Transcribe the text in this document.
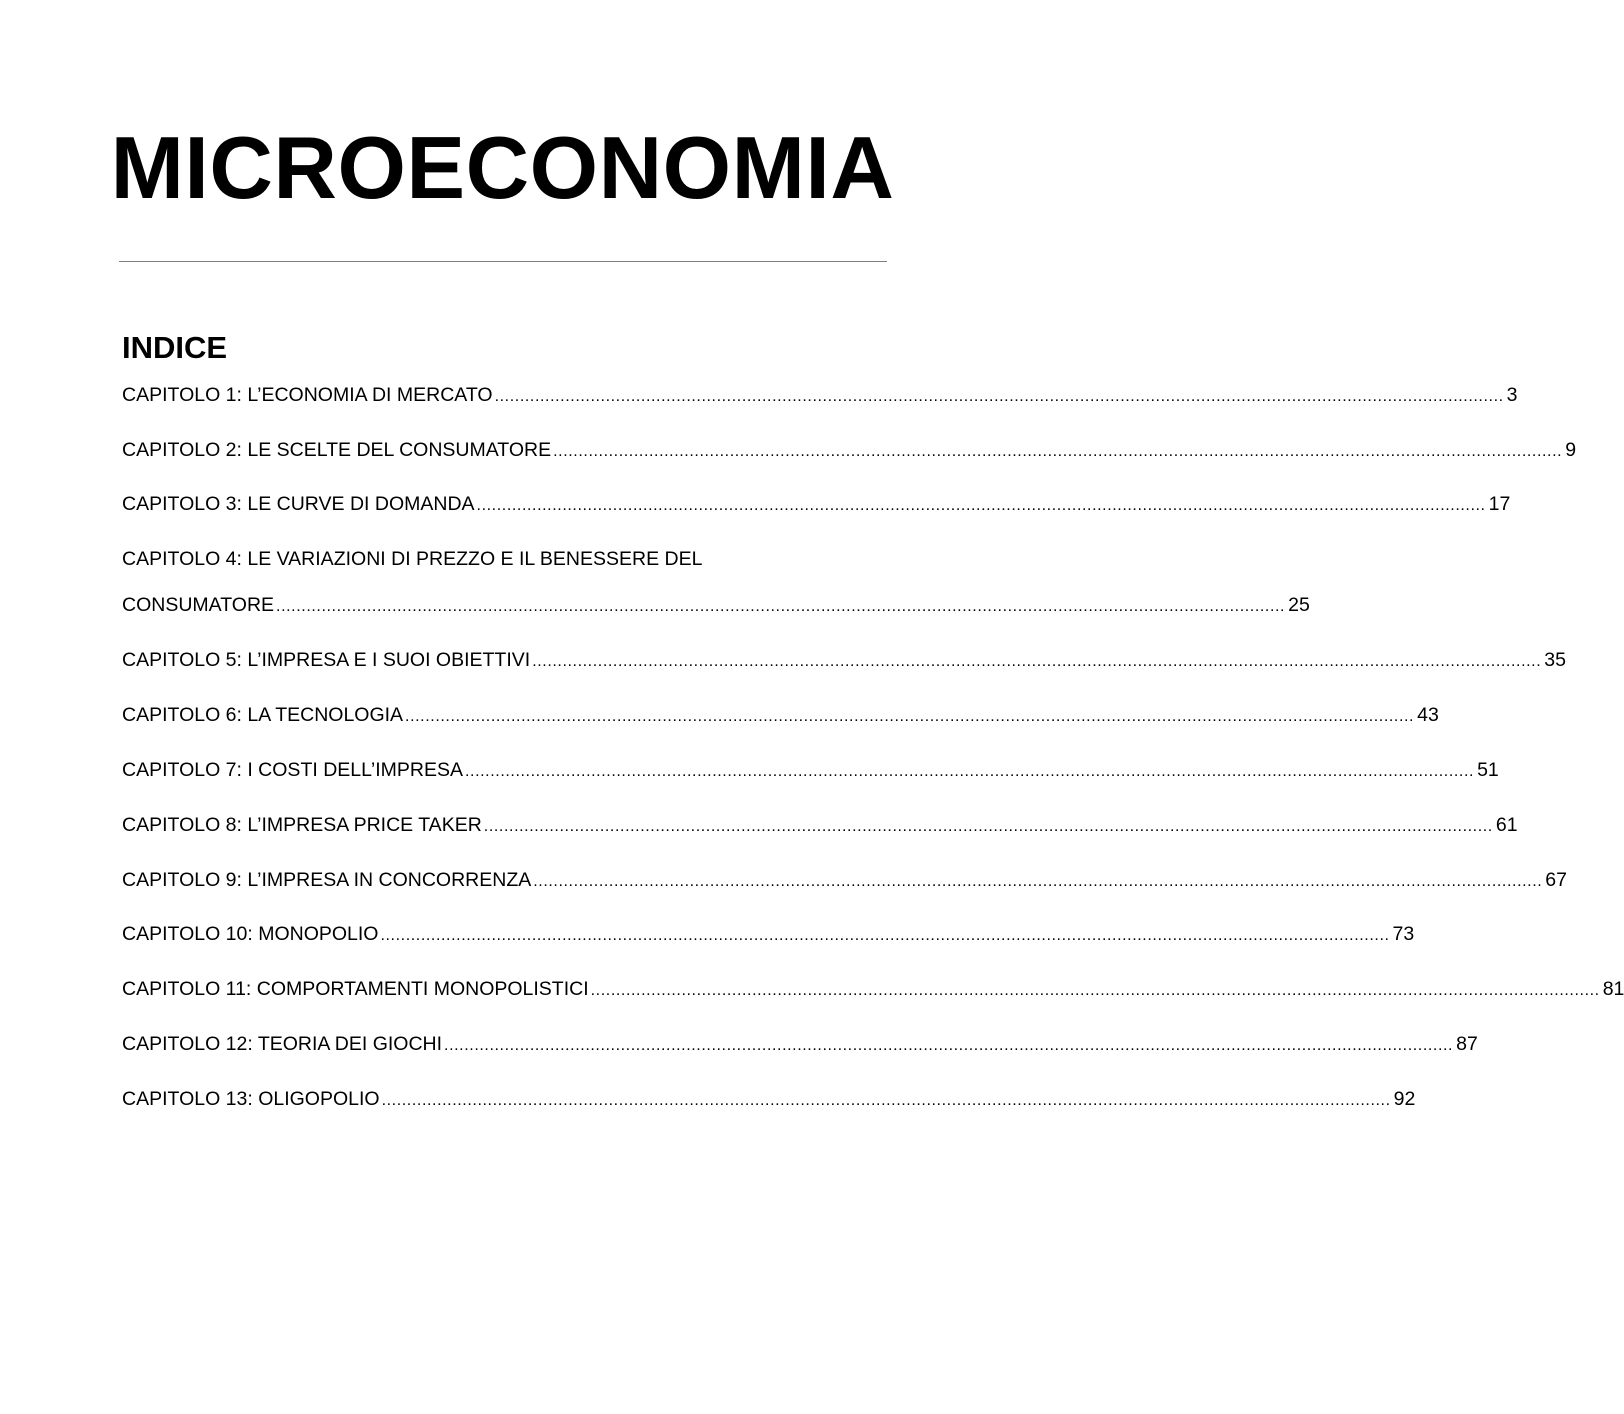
MICROECONOMIA
INDICE
CAPITOLO 1: L’ECONOMIA DI MERCATO ........................................................................................................................................................................................................ 3
CAPITOLO 2: LE SCELTE DEL CONSUMATORE ........................................................................................................................................................................................................ 9
CAPITOLO 3: LE CURVE DI DOMANDA ........................................................................................................................................................................................................ 17
CAPITOLO 4: LE VARIAZIONI DI PREZZO E IL BENESSERE DEL
CONSUMATORE ........................................................................................................................................................................................................ 25
CAPITOLO 5: L’IMPRESA E I SUOI OBIETTIVI ........................................................................................................................................................................................................ 35
CAPITOLO 6: LA TECNOLOGIA ........................................................................................................................................................................................................ 43
CAPITOLO 7: I COSTI DELL’IMPRESA ........................................................................................................................................................................................................ 51
CAPITOLO 8: L’IMPRESA PRICE TAKER ........................................................................................................................................................................................................ 61
CAPITOLO 9: L’IMPRESA IN CONCORRENZA ........................................................................................................................................................................................................ 67
CAPITOLO 10: MONOPOLIO ........................................................................................................................................................................................................ 73
CAPITOLO 11: COMPORTAMENTI MONOPOLISTICI ........................................................................................................................................................................................................ 81
CAPITOLO 12: TEORIA DEI GIOCHI ........................................................................................................................................................................................................ 87
CAPITOLO 13: OLIGOPOLIO ........................................................................................................................................................................................................ 92
